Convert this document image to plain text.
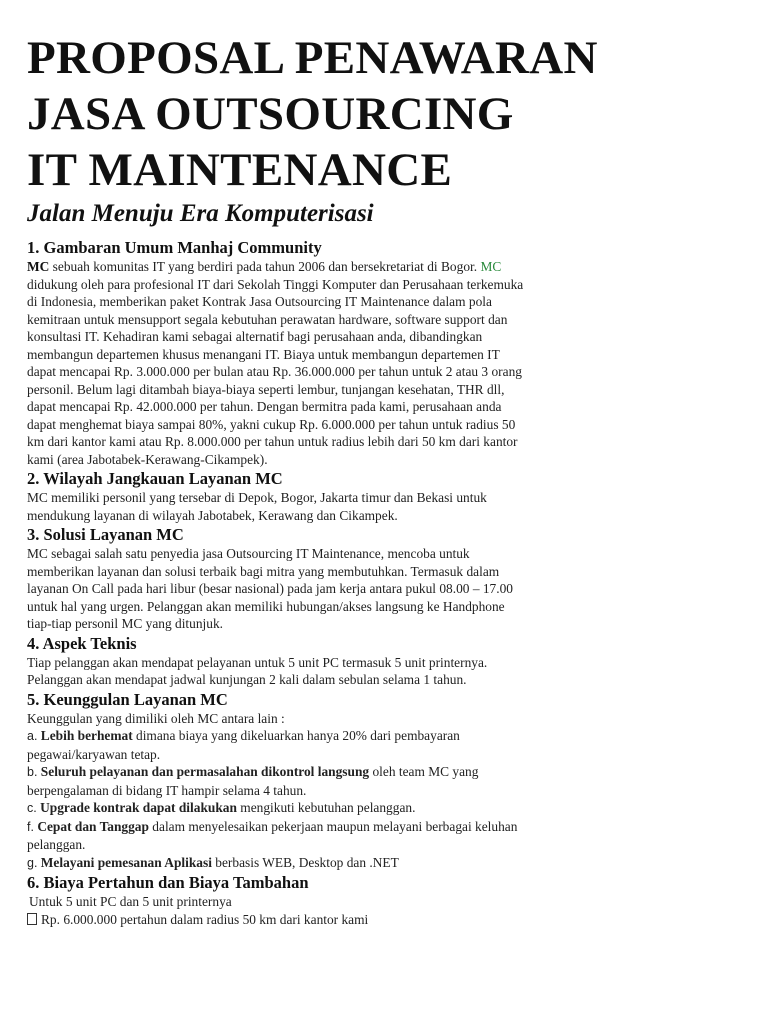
PROPOSAL PENAWARAN
JASA OUTSOURCING
IT MAINTENANCE
Jalan Menuju Era Komputerisasi
1. Gambaran Umum Manhaj Community

MC sebuah komunitas IT yang berdiri pada tahun 2006 dan bersekretariat di Bogor. MC didukung oleh para profesional IT dari Sekolah Tinggi Komputer dan Perusahaan terkemuka di Indonesia, memberikan paket Kontrak Jasa Outsourcing IT Maintenance dalam pola kemitraan untuk mensupport segala kebutuhan perawatan hardware, software support dan konsultasi IT. Kehadiran kami sebagai alternatif bagi perusahaan anda, dibandingkan membangun departemen khusus menangani IT. Biaya untuk membangun departemen IT dapat mencapai Rp. 3.000.000 per bulan atau Rp. 36.000.000 per tahun untuk 2 atau 3 orang personil. Belum lagi ditambah biaya-biaya seperti lembur, tunjangan kesehatan, THR dll, dapat mencapai Rp. 42.000.000 per tahun. Dengan bermitra pada kami, perusahaan anda dapat menghemat biaya sampai 80%, yakni cukup Rp. 6.000.000 per tahun untuk radius 50 km dari kantor kami atau Rp. 8.000.000 per tahun untuk radius lebih dari 50 km dari kantor kami (area Jabotabek-Kerawang-Cikampek).

2. Wilayah Jangkauan Layanan MC

MC memiliki personil yang tersebar di Depok, Bogor, Jakarta timur dan Bekasi untuk mendukung layanan di wilayah Jabotabek, Kerawang dan Cikampek.

3. Solusi Layanan MC

MC sebagai salah satu penyedia jasa Outsourcing IT Maintenance, mencoba untuk memberikan layanan dan solusi terbaik bagi mitra yang membutuhkan. Termasuk dalam layanan On Call pada hari libur (besar nasional) pada jam kerja antara pukul 08.00 – 17.00 untuk hal yang urgen. Pelanggan akan memiliki hubungan/akses langsung ke Handphone tiap-tiap personil MC yang ditunjuk.

4. Aspek Teknis

Tiap pelanggan akan mendapat pelayanan untuk 5 unit PC termasuk 5 unit printernya. Pelanggan akan mendapat jadwal kunjungan 2 kali dalam sebulan selama 1 tahun.

5. Keunggulan Layanan MC
Keunggulan yang dimiliki oleh MC antara lain :
a. Lebih berhemat dimana biaya yang dikeluarkan hanya 20% dari pembayaran pegawai/karyawan tetap.
b. Seluruh pelayanan dan permasalahan dikontrol langsung oleh team MC yang berpengalaman di bidang IT hampir selama 4 tahun.
c. Upgrade kontrak dapat dilakukan mengikuti kebutuhan pelanggan.
f. Cepat dan Tanggap dalam menyelesaikan pekerjaan maupun melayani berbagai keluhan pelanggan.
g. Melayani pemesanan Aplikasi berbasis WEB, Desktop dan .NET
6. Biaya Pertahun dan Biaya Tambahan
Untuk 5 unit PC dan 5 unit printernya
Rp. 6.000.000 pertahun dalam radius 50 km dari kantor kami
